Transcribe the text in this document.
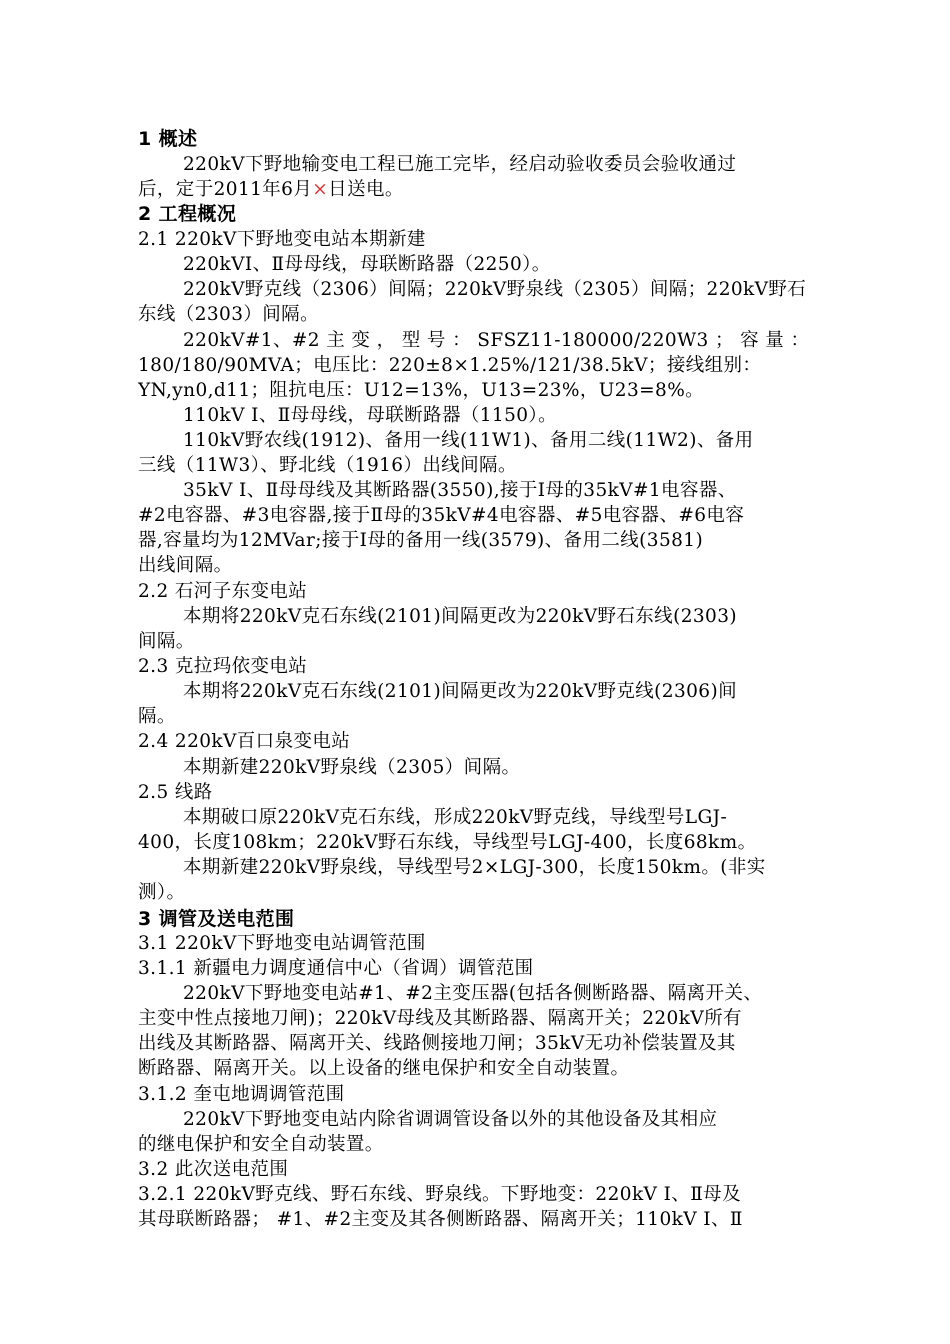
1 概述
220kV下野地输变电工程已施工完毕，经启动验收委员会验收通过
后，定于2011年6月×日送电。
2 工程概况
2.1 220kV下野地变电站本期新建
220kVⅠ、Ⅱ母母线，母联断路器（2250）。
220kV野克线（2306）间隔；220kV野泉线（2305）间隔；220kV野石
东线（2303）间隔。
220kV#1、#2 主 变 ， 型 号 ： SFSZ11-180000/220W3 ； 容 量 ：
180/180/90MVA；电压比：220±8×1.25%/121/38.5kV；接线组别：
YN,yn0,d11；阻抗电压：U12=13%，U13=23%，U23=8%。
110kV Ⅰ、Ⅱ母母线，母联断路器（1150）。
110kV野农线(1912)、备用一线(11W1)、备用二线(11W2)、备用
三线（11W3）、野北线（1916）出线间隔。
35kV Ⅰ、Ⅱ母母线及其断路器(3550),接于Ⅰ母的35kV#1电容器、
#2电容器、#3电容器,接于Ⅱ母的35kV#4电容器、#5电容器、#6电容
器,容量均为12MVar;接于Ⅰ母的备用一线(3579)、备用二线(3581)
出线间隔。
2.2 石河子东变电站
本期将220kV克石东线(2101)间隔更改为220kV野石东线(2303)
间隔。
2.3 克拉玛依变电站
本期将220kV克石东线(2101)间隔更改为220kV野克线(2306)间
隔。
2.4 220kV百口泉变电站
本期新建220kV野泉线（2305）间隔。
2.5 线路
本期破口原220kV克石东线，形成220kV野克线，导线型号LGJ-
400，长度108km；220kV野石东线，导线型号LGJ-400，长度68km。
本期新建220kV野泉线，导线型号2×LGJ-300，长度150km。(非实
测）。
3 调管及送电范围
3.1 220kV下野地变电站调管范围
3.1.1 新疆电力调度通信中心（省调）调管范围
220kV下野地变电站#1、#2主变压器(包括各侧断路器、隔离开关、
主变中性点接地刀闸)；220kV母线及其断路器、隔离开关；220kV所有
出线及其断路器、隔离开关、线路侧接地刀闸；35kV无功补偿装置及其
断路器、隔离开关。以上设备的继电保护和安全自动装置。
3.1.2 奎屯地调调管范围
220kV下野地变电站内除省调调管设备以外的其他设备及其相应
的继电保护和安全自动装置。
3.2 此次送电范围
3.2.1 220kV野克线、野石东线、野泉线。下野地变：220kV Ⅰ、Ⅱ母及
其母联断路器； #1、#2主变及其各侧断路器、隔离开关；110kV Ⅰ、Ⅱ
